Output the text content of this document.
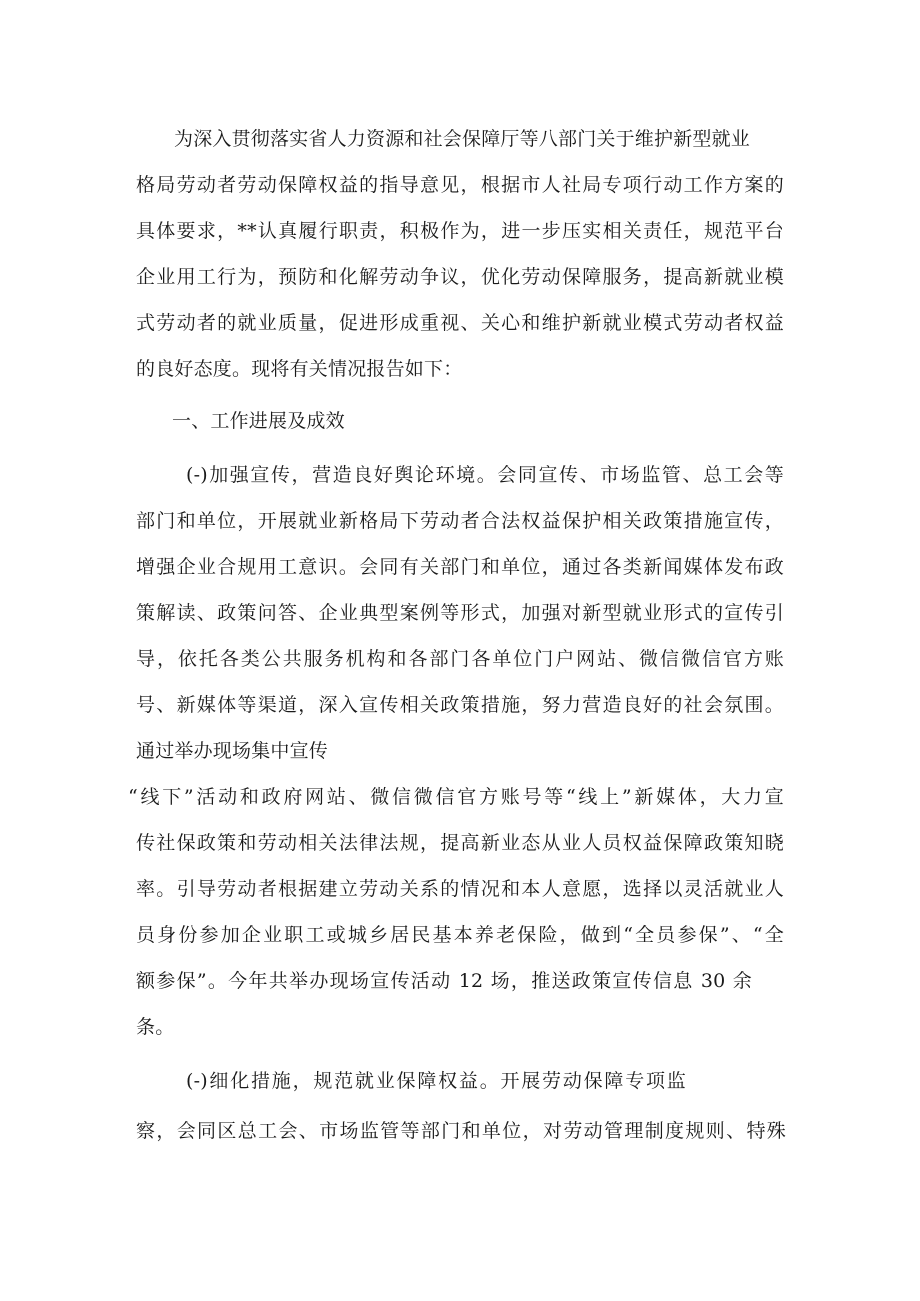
为深入贯彻落实省人力资源和社会保障厅等八部门关于维护新型就业
格局劳动者劳动保障权益的指导意见，根据市人社局专项行动工作方案的
具体要求，**认真履行职责，积极作为，进一步压实相关责任，规范平台
企业用工行为，预防和化解劳动争议，优化劳动保障服务，提高新就业模
式劳动者的就业质量，促进形成重视、关心和维护新就业模式劳动者权益
的良好态度。现将有关情况报告如下：
一、工作进展及成效
(-)加强宣传，营造良好舆论环境。会同宣传、市场监管、总工会等
部门和单位，开展就业新格局下劳动者合法权益保护相关政策措施宣传，
增强企业合规用工意识。会同有关部门和单位，通过各类新闻媒体发布政
策解读、政策问答、企业典型案例等形式，加强对新型就业形式的宣传引
导，依托各类公共服务机构和各部门各单位门户网站、微信微信官方账
号、新媒体等渠道，深入宣传相关政策措施，努力营造良好的社会氛围。
通过举办现场集中宣传
“线下”活动和政府网站、微信微信官方账号等“线上”新媒体，大力宣
传社保政策和劳动相关法律法规，提高新业态从业人员权益保障政策知晓
率。引导劳动者根据建立劳动关系的情况和本人意愿，选择以灵活就业人
员身份参加企业职工或城乡居民基本养老保险，做到“全员参保”、“全
额参保”。今年共举办现场宣传活动 12 场，推送政策宣传信息 30 余
条。
(-)细化措施，规范就业保障权益。开展劳动保障专项监
察，会同区总工会、市场监管等部门和单位，对劳动管理制度规则、特殊
